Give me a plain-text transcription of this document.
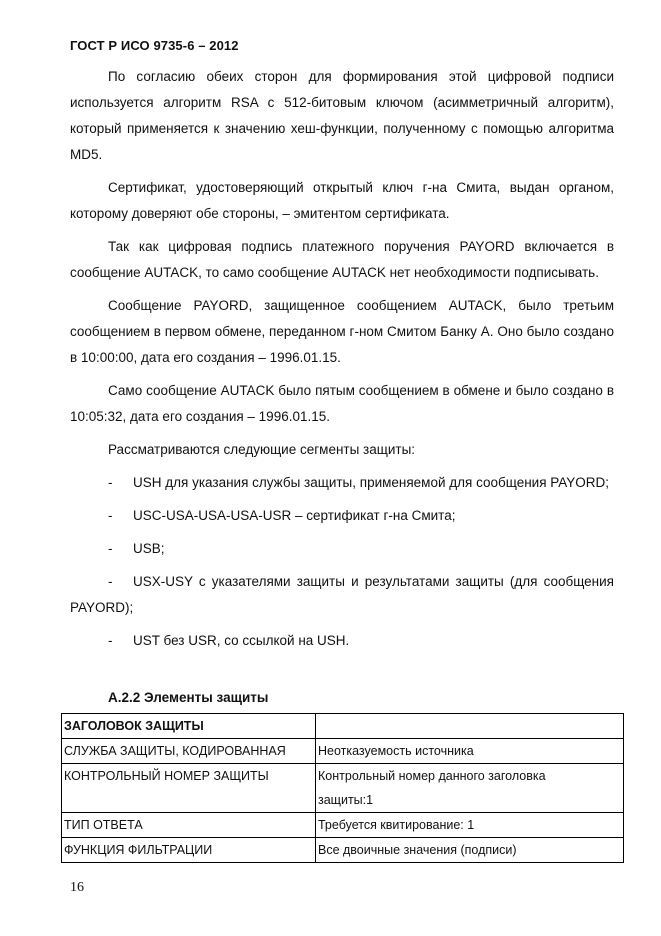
ГОСТ Р ИСО 9735-6 – 2012

По согласию обеих сторон для формирования этой цифровой подписи используется алгоритм RSA с 512-битовым ключом (асимметричный алгоритм), который применяется к значению хеш-функции, полученному с помощью алгоритма MD5.

Сертификат, удостоверяющий открытый ключ г-на Смита, выдан органом, которому доверяют обе стороны, – эмитентом сертификата.

Так как цифровая подпись платежного поручения PAYORD включается в сообщение AUTACK, то само сообщение AUTACK нет необходимости подписывать.

Сообщение PAYORD, защищенное сообщением AUTACK, было третьим сообщением в первом обмене, переданном г-ном Смитом Банку А. Оно было создано в 10:00:00, дата его создания – 1996.01.15.

Само сообщение AUTACK было пятым сообщением в обмене и было создано в 10:05:32, дата его создания – 1996.01.15.

Рассматриваются следующие сегменты защиты:

- USH для указания службы защиты, применяемой для сообщения PAYORD;

- USC-USA-USA-USA-USR – сертификат г-на Смита;

- USB;

- USX-USY с указателями защиты и результатами защиты (для сообщения PAYORD);

- UST без USR, со ссылкой на USH.

А.2.2 Элементы защиты
ЗАГОЛОВОК ЗАЩИТЫ	
СЛУЖБА ЗАЩИТЫ, КОДИРОВАННАЯ	Неотказуемость источника
КОНТРОЛЬНЫЙ НОМЕР ЗАЩИТЫ	Контрольный номер данного заголовка
защиты:1
ТИП ОТВЕТА	Требуется квитирование: 1
ФУНКЦИЯ ФИЛЬТРАЦИИ	Все двоичные значения (подписи)
16
